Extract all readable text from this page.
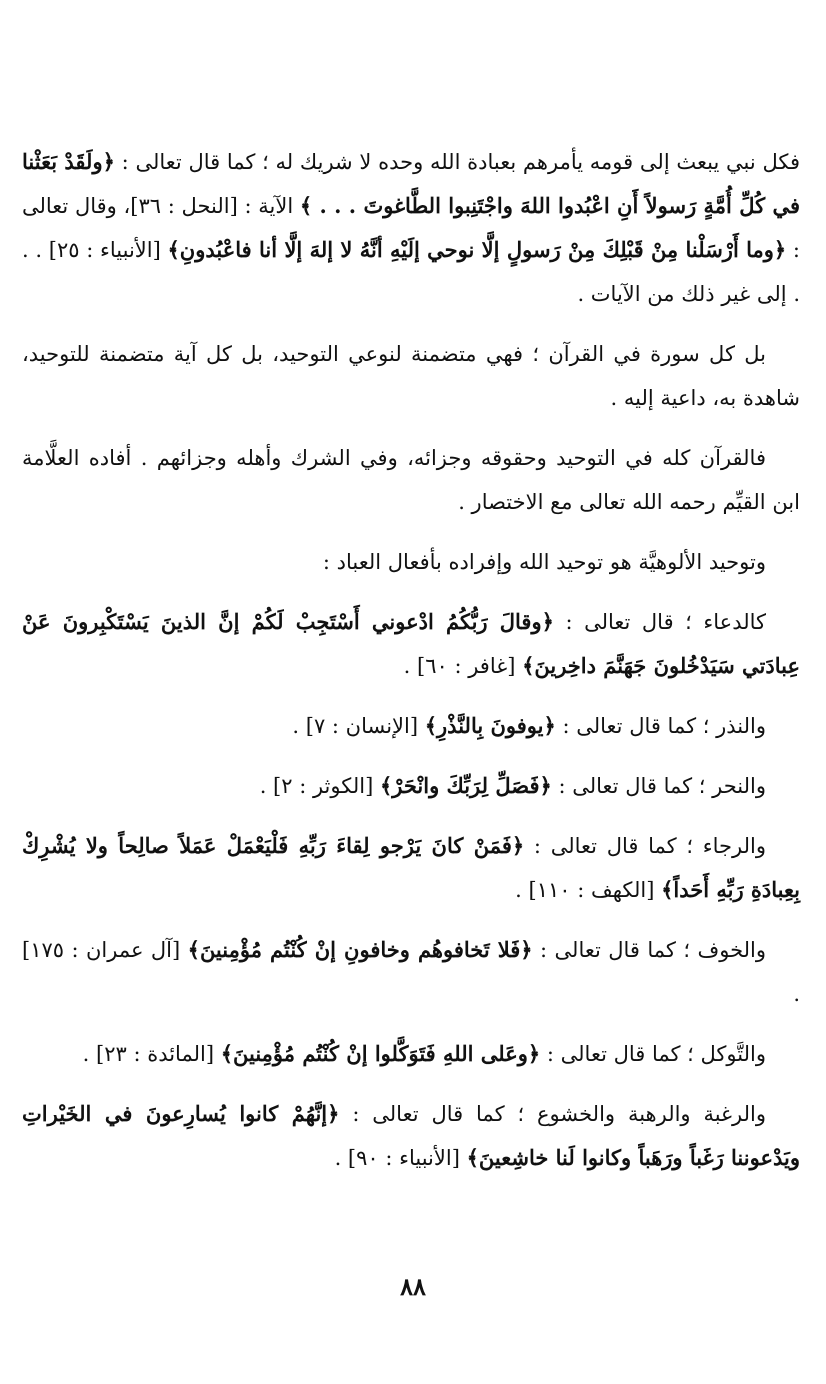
فكل نبي يبعث إلى قومه يأمرهم بعبادة الله وحده لا شريك له ؛ كما قال تعالى : ﴿ولَقَدْ بَعَثْنا في كُلِّ أُمَّةٍ رَسولاً أَنِ اعْبُدوا اللهَ واجْتَنِبوا الطَّاغوتَ . . . ﴾ الآية : [النحل : ٣٦]، وقال تعالى : ﴿وما أَرْسَلْنا مِنْ قَبْلِكَ مِنْ رَسولٍ إلَّا نوحي إلَيْهِ أنَّهُ لا إلهَ إلَّا أنا فاعْبُدونِ﴾ [الأنبياء : ٢٥] . . . إلى غير ذلك من الآيات .

بل كل سورة في القرآن ؛ فهي متضمنة لنوعي التوحيد، بل كل آية متضمنة للتوحيد، شاهدة به، داعية إليه .

فالقرآن كله في التوحيد وحقوقه وجزائه، وفي الشرك وأهله وجزائهم . أفاده العلَّامة ابن القيِّم رحمه الله تعالى مع الاختصار .

وتوحيد الألوهيَّة هو توحيد الله وإفراده بأفعال العباد :

كالدعاء ؛ قال تعالى : ﴿وقالَ رَبُّكُمُ ادْعوني أَسْتَجِبْ لَكُمْ إنَّ الذينَ يَسْتَكْبِرونَ عَنْ عِبادَتي سَيَدْخُلونَ جَهَنَّمَ داخِرينَ﴾ [غافر : ٦٠] .

والنذر ؛ كما قال تعالى : ﴿يوفونَ بِالنَّذْرِ﴾ [الإنسان : ٧] .

والنحر ؛ كما قال تعالى : ﴿فَصَلِّ لِرَبِّكَ وانْحَرْ﴾ [الكوثر : ٢] .

والرجاء ؛ كما قال تعالى : ﴿فَمَنْ كانَ يَرْجو لِقاءَ رَبِّهِ فَلْيَعْمَلْ عَمَلاً صالِحاً ولا يُشْرِكْ بِعِبادَةِ رَبِّهِ أَحَداً﴾ [الكهف : ١١٠] .

والخوف ؛ كما قال تعالى : ﴿فَلا تَخافوهُم وخافونِ إنْ كُنْتُم مُؤْمِنينَ﴾ [آل عمران : ١٧٥] .

والتَّوكل ؛ كما قال تعالى : ﴿وعَلى اللهِ فَتَوَكَّلوا إنْ كُنْتُم مُؤْمِنينَ﴾ [المائدة : ٢٣] .

والرغبة والرهبة والخشوع ؛ كما قال تعالى : ﴿إنَّهُمْ كانوا يُسارِعونَ في الخَيْراتِ ويَدْعوننا رَغَباً ورَهَباً وكانوا لَنا خاشِعينَ﴾ [الأنبياء : ٩٠] .

٨٨
